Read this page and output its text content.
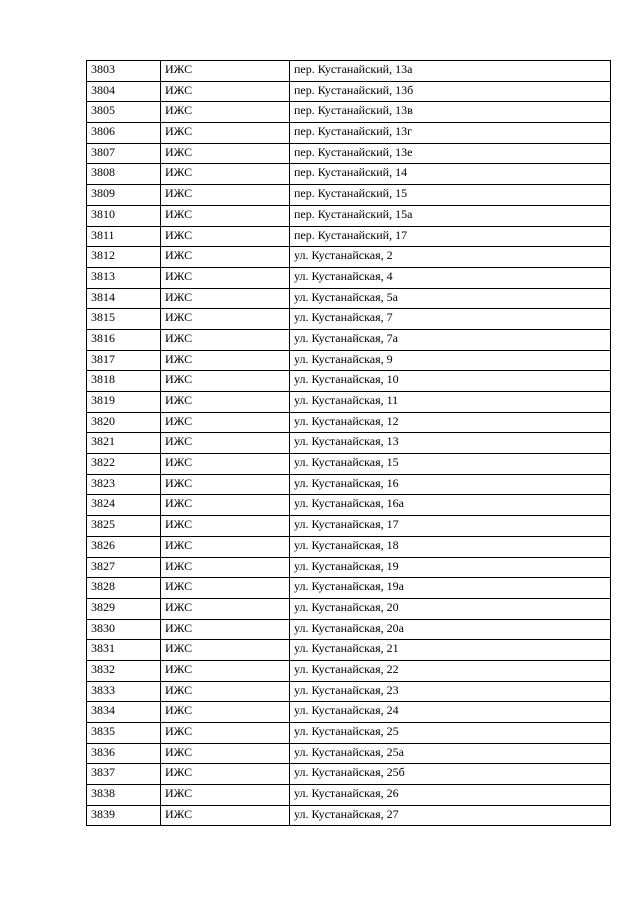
3803	ИЖС	пер. Кустанайский, 13а
3804	ИЖС	пер. Кустанайский, 13б
3805	ИЖС	пер. Кустанайский, 13в
3806	ИЖС	пер. Кустанайский, 13г
3807	ИЖС	пер. Кустанайский, 13е
3808	ИЖС	пер. Кустанайский, 14
3809	ИЖС	пер. Кустанайский, 15
3810	ИЖС	пер. Кустанайский, 15а
3811	ИЖС	пер. Кустанайский, 17
3812	ИЖС	ул. Кустанайская, 2
3813	ИЖС	ул. Кустанайская, 4
3814	ИЖС	ул. Кустанайская, 5а
3815	ИЖС	ул. Кустанайская, 7
3816	ИЖС	ул. Кустанайская, 7а
3817	ИЖС	ул. Кустанайская, 9
3818	ИЖС	ул. Кустанайская, 10
3819	ИЖС	ул. Кустанайская, 11
3820	ИЖС	ул. Кустанайская, 12
3821	ИЖС	ул. Кустанайская, 13
3822	ИЖС	ул. Кустанайская, 15
3823	ИЖС	ул. Кустанайская, 16
3824	ИЖС	ул. Кустанайская, 16а
3825	ИЖС	ул. Кустанайская, 17
3826	ИЖС	ул. Кустанайская, 18
3827	ИЖС	ул. Кустанайская, 19
3828	ИЖС	ул. Кустанайская, 19а
3829	ИЖС	ул. Кустанайская, 20
3830	ИЖС	ул. Кустанайская, 20а
3831	ИЖС	ул. Кустанайская, 21
3832	ИЖС	ул. Кустанайская, 22
3833	ИЖС	ул. Кустанайская, 23
3834	ИЖС	ул. Кустанайская, 24
3835	ИЖС	ул. Кустанайская, 25
3836	ИЖС	ул. Кустанайская, 25а
3837	ИЖС	ул. Кустанайская, 25б
3838	ИЖС	ул. Кустанайская, 26
3839	ИЖС	ул. Кустанайская, 27
